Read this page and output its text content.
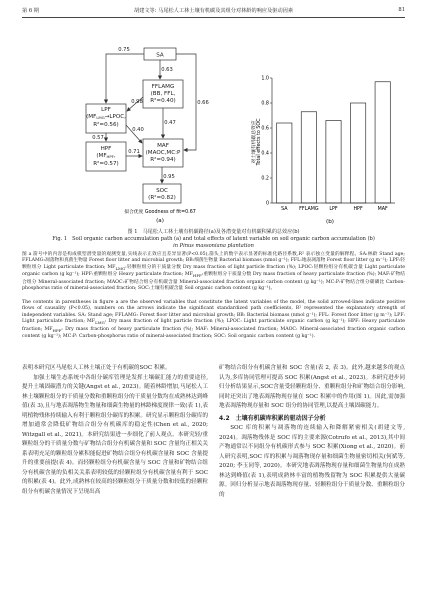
第 6 期	胡建文等: 马尾松人工林土壤有机碳及其组分对林龄的响应及驱动因素	81
SA
FFLAMG
(BB, FFL,
R²=0.40)
LPF
($MF_{LMG}\to LPOC$,
R²=0.56)
HPF
($MF_{HPF}$,
R²=0.57)
MAF
(MAOC,MC:P
R²=0.94)
SOC
(R²=0.82)
0.63
0.75
0.66
0.98
0.47
0.40
0.57
0.71
0.95
拟合优度 Goodness of fit=0.67
(a)
0
0.2
0.4
0.6
0.8
1.0
SA FFLAMG LPF	HPF	MAF
对土壤有机碳总效应 Total effects to SOC
(b)
图 1　马尾松人工林土壤有机碳路径(a)及各潜变量对有机碳积累的总效应(b)
Fig. 1　Soil organic carbon accumulation path (a) and total effects of latent variable on soil organic carbon accumulation (b)
in Pinus massoniana plantation
图 a 箭号中的内容是构成模型潜变量的观测变量,实线表示正效应且差异显著(P<0.05),箭头上的数字表示显著的标准化路径系数,R² 表示独立变量的解释程。SA:林龄 Stand age; FFLAMG:凋落物和真菌生物量 Forest floor litter and microbial growth; BB:细菌生物量 Bacterial biomass (nmol g⁻¹); FFL:地表凋落物 Forest floor litter (g m⁻²); LPF:轻颗粒组分 Light particulate fraction; $MF_{LMG}$:轻颗粒组分的干质量分数 Dry mass fraction of light particle fraction (%); LPOC:轻颗粒组分有机碳含量 Light particulate organic carbon (g kg⁻¹); HPF:重颗粒组分 Heavy particulate fraction; $MF_{HPF}$:重颗粒组分干质量分数 Dry mass fraction of heavy particulate fraction (%); MAF:矿物结合组分 Mineral-associated fraction; MAOC:矿物结合组分有机碳含量 Mineral-associated fraction organic carbon content (g kg⁻¹); MC:P:矿物结合组分碳磷比 Carbon-phosphorus ratio of mineral-associated fraction; SOC:土壤有机碳含量 Soil organic carbon content (g kg⁻¹)。
The contents in parentheses in figure a are the observed variables that constitute the latent variables of the model, the solid arrowed-lines indicate positive flows of causality (P<0.05), numbers on the arrows indicate the significant standardized path coefficients, R² represented the explanatory strength of independent variables. SA: Stand age; FFLAMG: Forest floor litter and microbial growth; BB: Bacterial biomass (nmol g⁻¹); FFL: Forest floor litter (g m⁻²); LPF: Light particulate fraction; $MF_{LMG}$: Dry mass fraction of light particle fraction (%); LPOC: Light particulate organic carbon (g kg⁻¹); HPF: Heavy particulate fraction; $MF_{HPF}$: Dry mass fraction of heavy particulate fraction (%); MAF: Mineral-associated fraction; MAOC: Mineral-associated fraction organic carbon content (g kg⁻¹); MC:P: Carbon-phosphorus ratio of mineral-associated fraction; SOC: Soil organic carbon content (g kg⁻¹).

表明本研究区马尾松人工林土壤正处于有机碳的SOC 积累。

加强土壤生态系统中各组分碳库管理是发挥土壤碳汇能力的重要途径,提升土壤固碳潜力的关键(Angst et al., 2023)。随着林龄增加,马尾松人工林土壤颗粒组分的干质量分数和重颗粒组分的干质量分数均在成熟林达到峰值(表 3),且与地表凋落物生物量和细菌生物量的林龄梯度规律一致(表 1),表明植物残体持续输入有利于颗粒组分碳库的积累。研究显示颗粒组分碳库的增加通常会降低矿物结合组分有机碳库的稳定性(Chen et al., 2020; Witzgall et al., 2021)。本研究结果进一步细化了前人观点。本研究轻/重颗粒组分的干质量分数与矿物结合组分有机碳含量和 SOC 含量均正相关关系表明充足的颗粒组分累积能促进矿物结合组分有机碳含量和 SOC 含量提升的重要前提(表 4)。而轻颗粒组分有机碳含量与 SOC 含量和矿物结合组分有机碳含量的负相关关系表明较低的轻颗粒组分有机碳含量有利于 SOC 的积累(表 4)。此外,成熟林在较高的轻颗粒组分干质量分数和较低的轻颗粒组分有机碳含量情况下呈现出高

矿物结合组分有机碳含量和 SOC 含量(表 2, 表 3)。此外,越来越多的观点认为,多库协同管理可提高 SOC 积累(Angst et al., 2023)。本研究进步同归分析结果显示,SOC含量受轻颗粒组分、重颗粒组分和矿物结合组分影响,同时还突出了地表凋落物现存量在 SOC 积累中的作用(图 1)。因此,需加强地表凋落物现存量和 SOC 组分的协同管理,以提高土壤固碳能力。

4.2　土壤有机碳库积累的驱动因子分析

SOC 库的积累与凋落物的连续输入和降解紧密相关(胡建文等, 2024)。凋落物残体是 SOC 库的主要来源(Cotrufo et al., 2013),其中间产物通常以不同组分有机碳形式参与 SOC 积累(Xiong et al., 2020)。前人研究表明,SOC 库的积累与凋落物现存量和细菌生物量密切相关(何斌等, 2020; 李玉同等, 2020)。本研究地表凋落物现存量和细菌生物量均在成熟林达到峰值(表 1),表明成熟林丰富的植物残留物为 SOC 积累提供大量碳源。回归分析显示地表凋落物现存量、轻颗粒组分干质量分数、重颗粒组分的
